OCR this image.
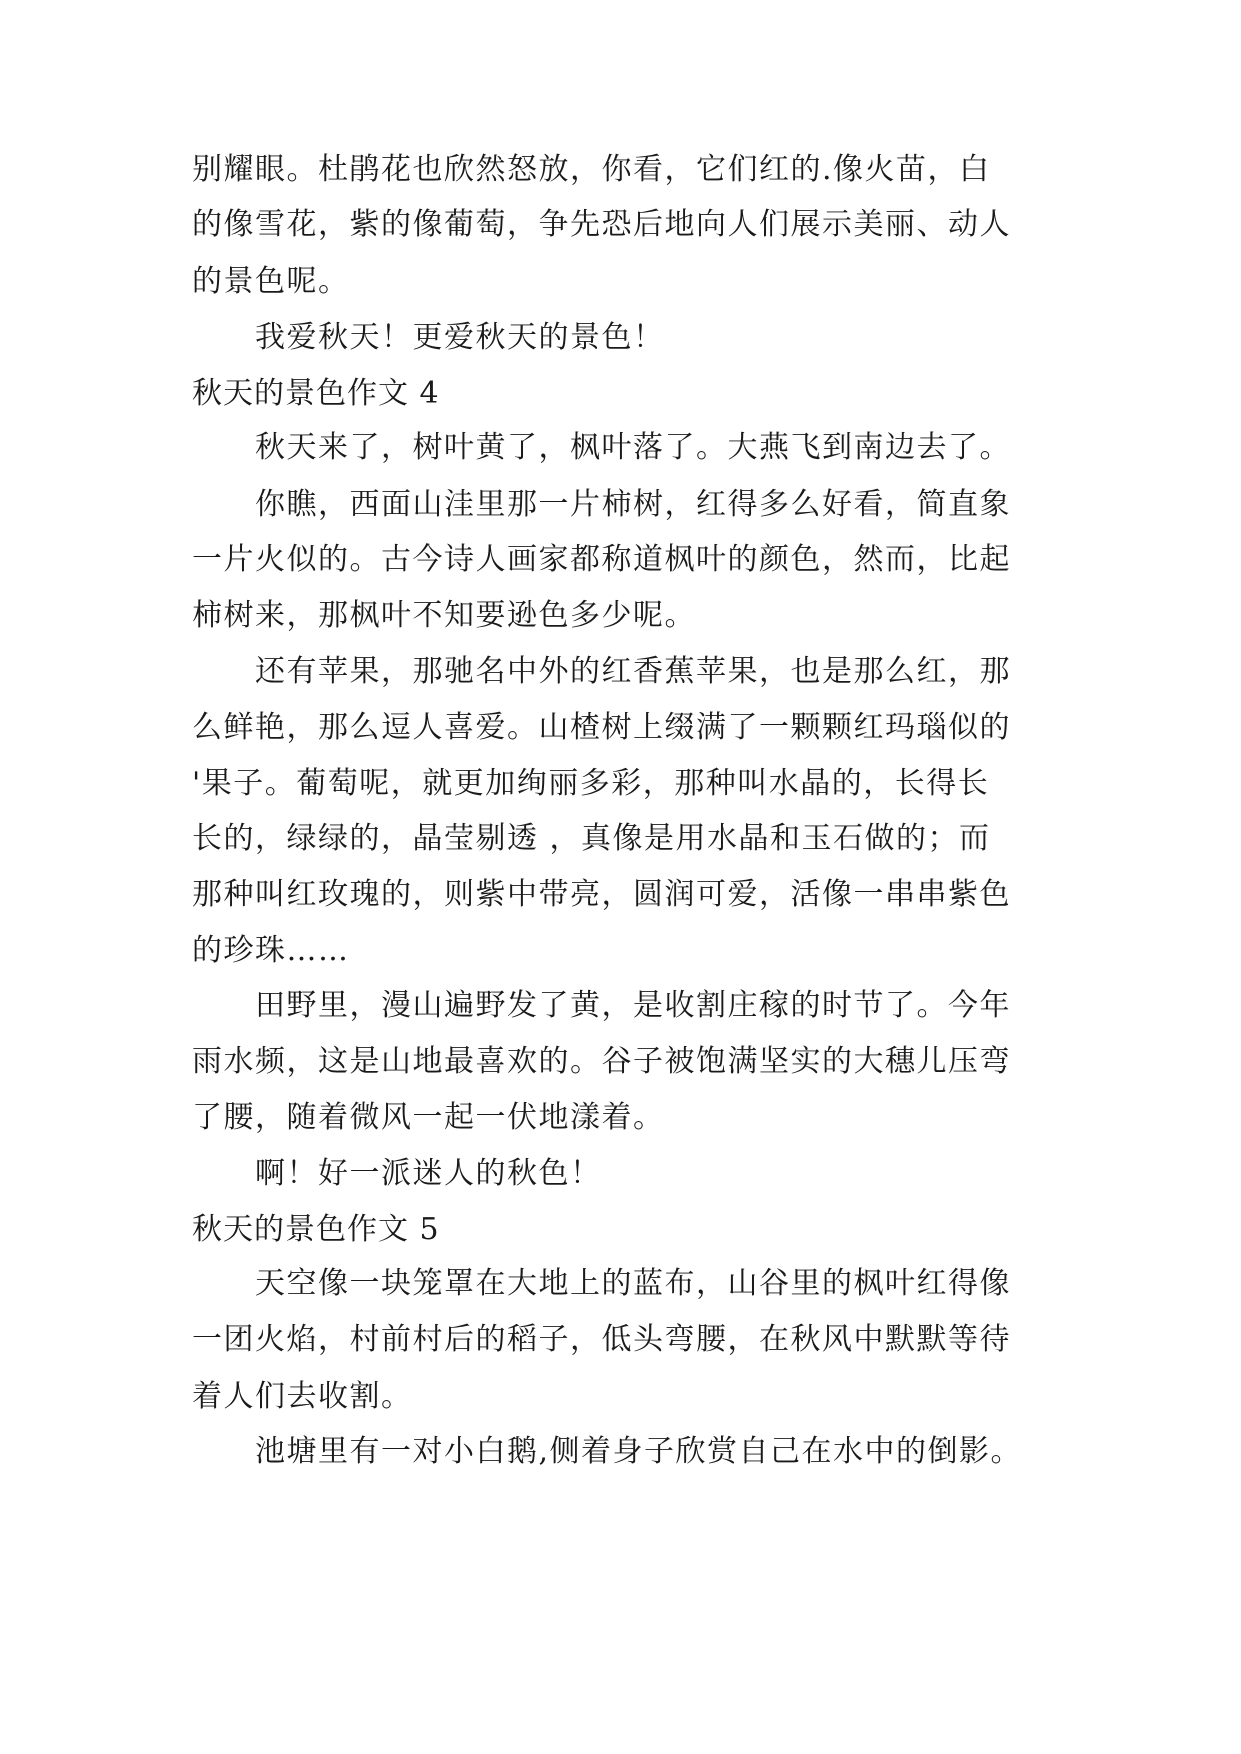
别耀眼。杜鹃花也欣然怒放，你看，它们红的.像火苗，白
的像雪花，紫的像葡萄，争先恐后地向人们展示美丽、动人
的景色呢。
我爱秋天！更爱秋天的景色！
秋天的景色作文 4
秋天来了，树叶黄了，枫叶落了。大燕飞到南边去了。
你瞧，西面山洼里那一片柿树，红得多么好看，简直象
一片火似的。古今诗人画家都称道枫叶的颜色，然而，比起
柿树来，那枫叶不知要逊色多少呢。
还有苹果，那驰名中外的红香蕉苹果，也是那么红，那
么鲜艳，那么逗人喜爱。山楂树上缀满了一颗颗红玛瑙似的
'果子。葡萄呢，就更加绚丽多彩，那种叫水晶的，长得长
长的，绿绿的，晶莹剔透 ，真像是用水晶和玉石做的；而
那种叫红玫瑰的，则紫中带亮，圆润可爱，活像一串串紫色
的珍珠……
田野里，漫山遍野发了黄，是收割庄稼的时节了。今年
雨水频，这是山地最喜欢的。谷子被饱满坚实的大穗儿压弯
了腰，随着微风一起一伏地漾着。
啊！好一派迷人的秋色！
秋天的景色作文 5
天空像一块笼罩在大地上的蓝布，山谷里的枫叶红得像
一团火焰，村前村后的稻子，低头弯腰，在秋风中默默等待
着人们去收割。
池塘里有一对小白鹅,侧着身子欣赏自己在水中的倒影。
